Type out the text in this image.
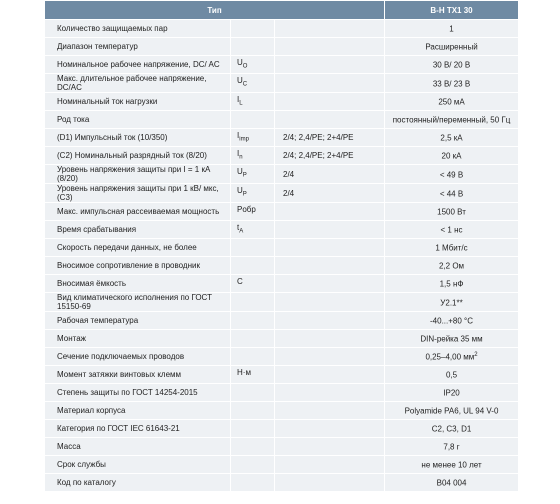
Тип			B-H TX1 30
Количество защищаемых пар			1
Диапазон температур			Расширенный
Номинальное рабочее напряжение, DC/ AC	$U_O$		30 В/ 20 В
Макс. длительное рабочее напряжение, DC/AC	$U_C$		33 В/ 23 В
Номинальный ток нагрузки	$I_L$		250 мА
Род тока			постоянный/переменный, 50 Гц
(D1) Импульсный ток (10/350)	$I_{imp}$	2/4; 2,4/PE; 2+4/PE	2,5 кА
(C2) Номинальный разрядный ток (8/20)	$I_n$	2/4; 2,4/PE; 2+4/PE	20 кА
Уровень напряжения защиты при I = 1 кА (8/20)	$U_P$	2/4	< 49 В
Уровень напряжения защиты при 1 кВ/ мкс, (C3)	$U_P$	2/4	< 44 В
Макс. импульсная рассеиваемая мощность	Pобр		1500 Вт
Время срабатывания	$t_A$		< 1 нс
Скорость передачи данных, не более			1 Мбит/с
Вносимое сопротивление в проводник			2,2 Ом
Вносимая ёмкость	C		1,5 нФ
Вид климатического исполнения по ГОСТ 15150-69			У2.1**
Рабочая температура			-40...+80 °С
Монтаж			DIN-рейка 35 мм
Сечение подключаемых проводов			0,25–4,00 $мм^2$
Момент затяжки винтовых клемм	Н·м		0,5
Степень защиты по ГОСТ 14254-2015			IP20
Материал корпуса			Polyamide PA6, UL 94 V-0
Категория по ГОСТ IEC 61643-21			C2, C3, D1
Масса			7,8 г
Срок службы			не менее 10 лет
Код по каталогу			B04 004
